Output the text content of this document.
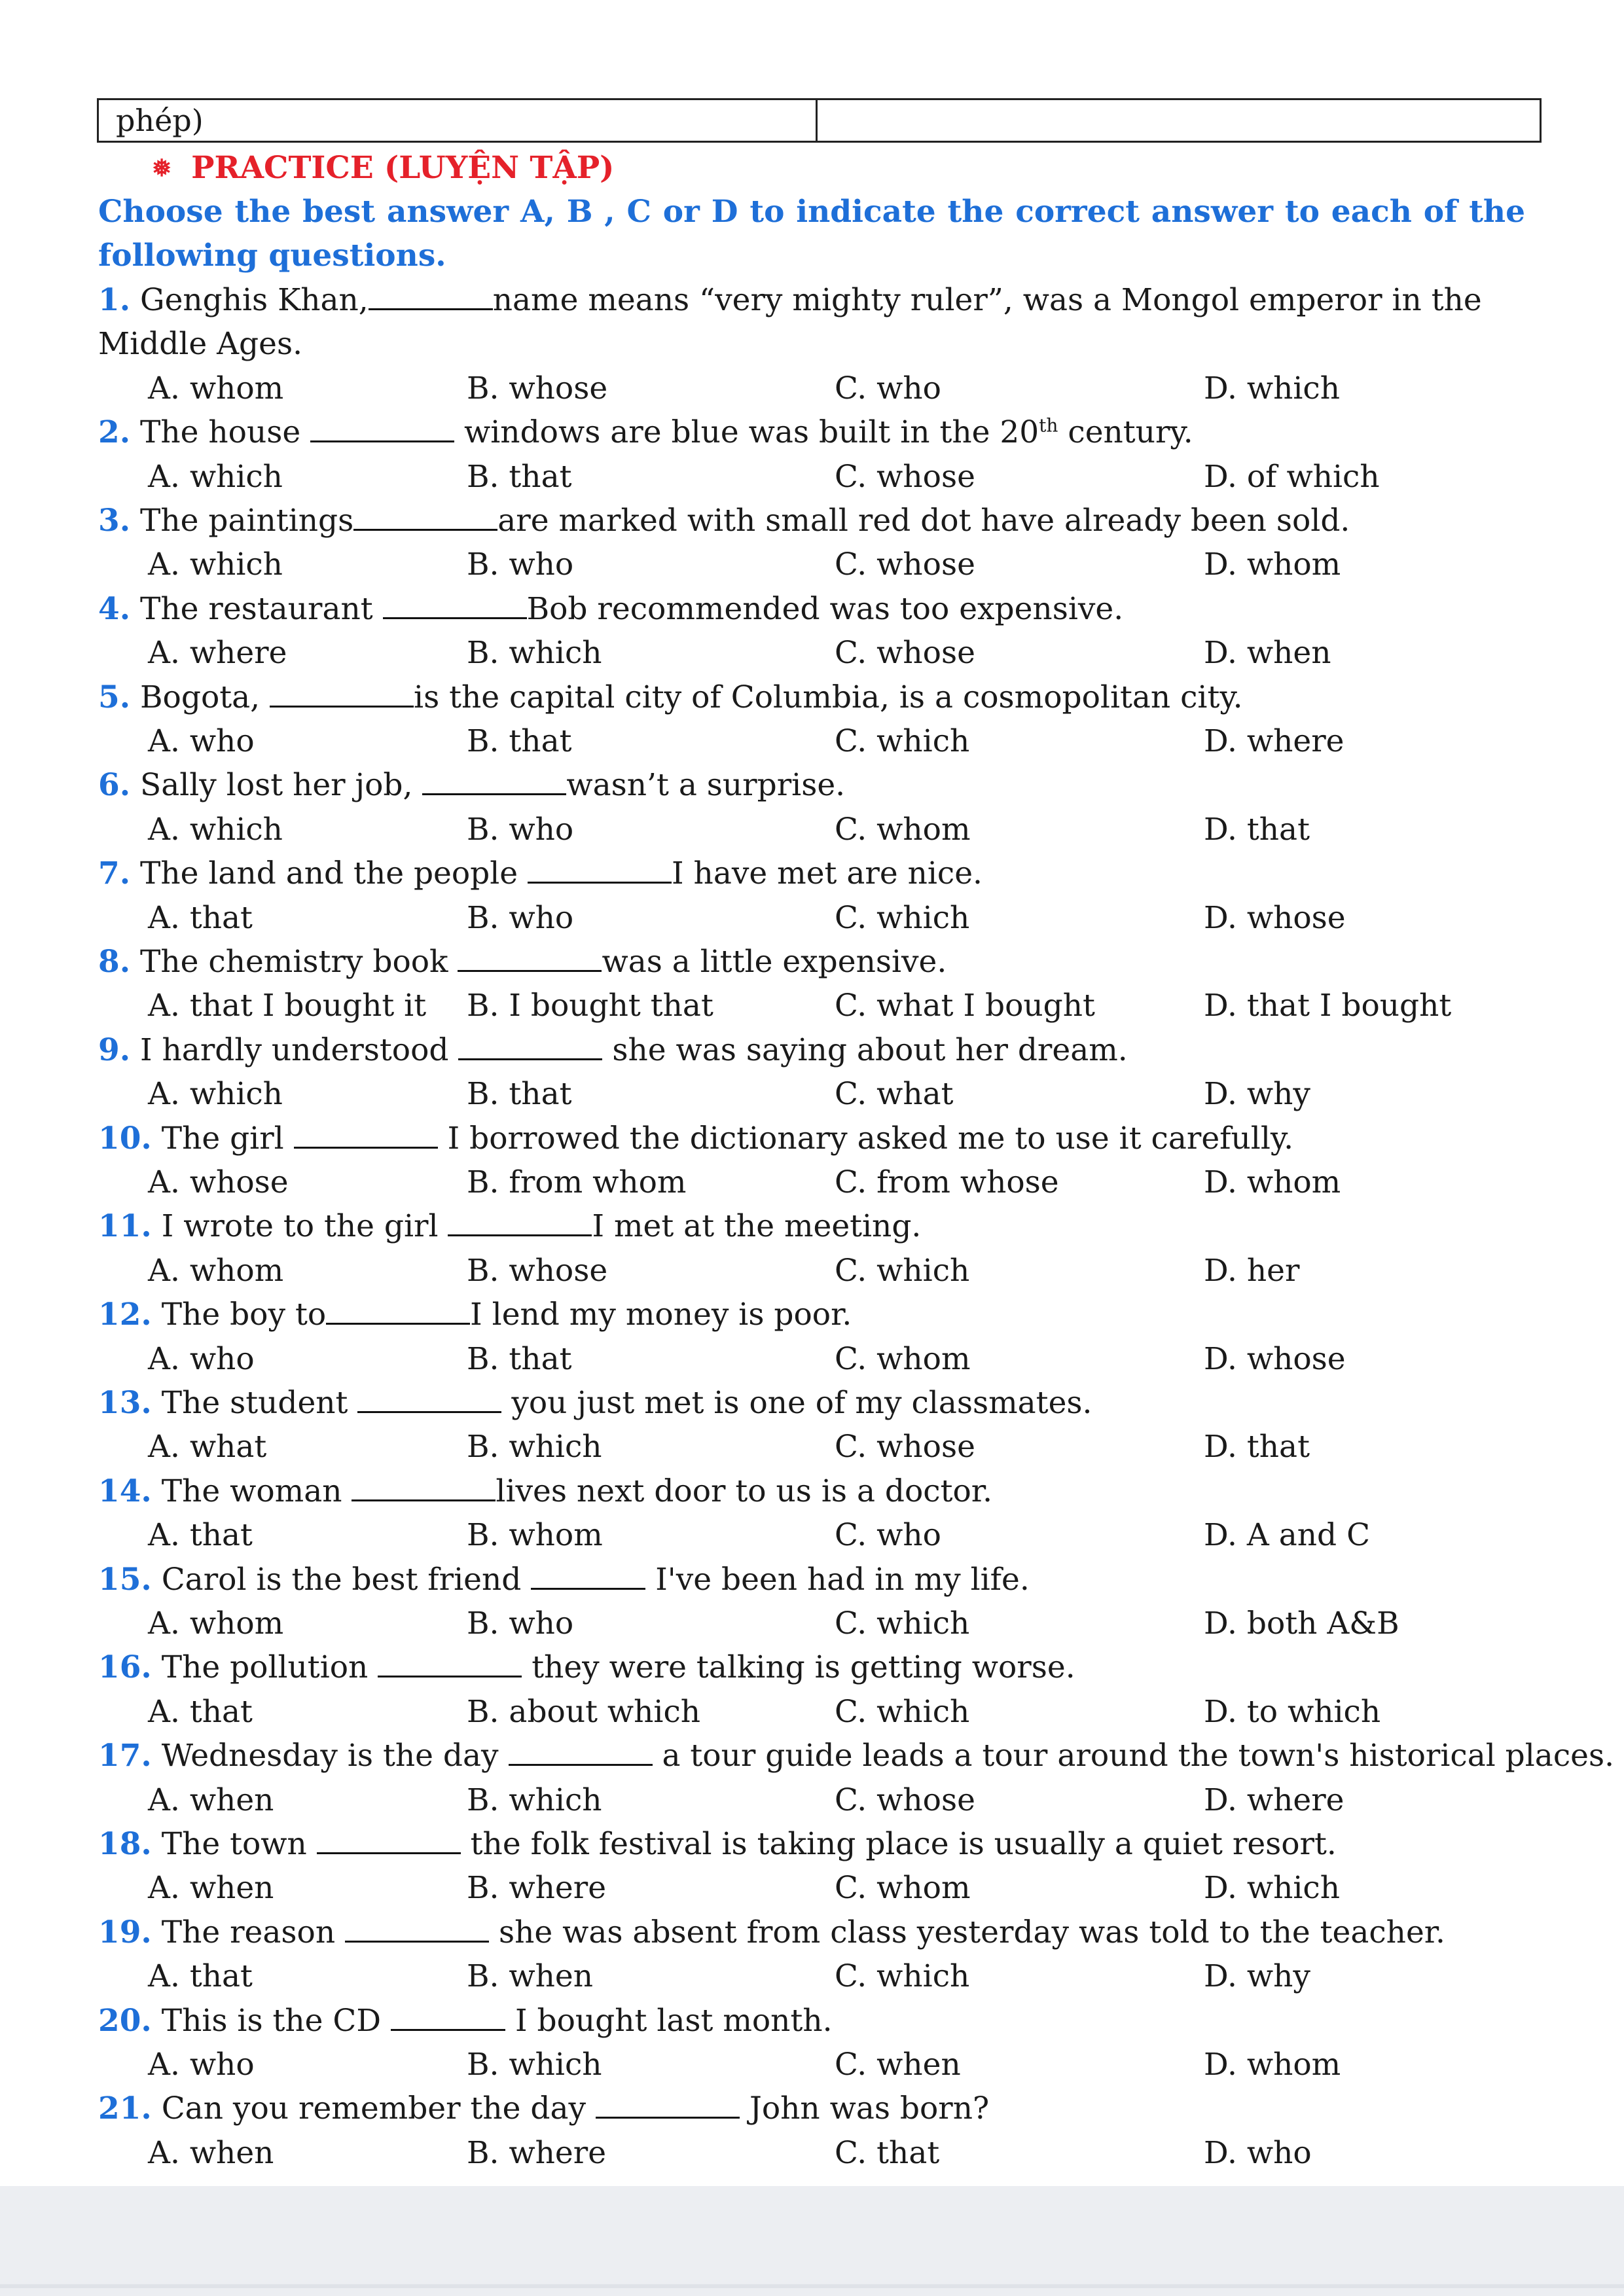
phép)
❅ PRACTICE (LUYỆN TẬP)
Choose the best answer A, B , C or D to indicate the correct answer to each of the following questions.
1. Genghis Khan,	name means “very mighty ruler”, was a Mongol emperor in the Middle Ages.
A. whom	B. whose	C. who	D. which
2. The house	windows are blue was built in the 20th century.
A. which	B. that	C. whose	D. of which
3. The paintings	are marked with small red dot have already been sold.
A. which	B. who	C. whose	D. whom
4. The restaurant	Bob recommended was too expensive.
A. where	B. which	C. whose	D. when
5. Bogota,	is the capital city of Columbia, is a cosmopolitan city.
A. who	B. that	C. which	D. where
6. Sally lost her job,	wasn’t a surprise.
A. which	B. who	C. whom	D. that
7. The land and the people	I have met are nice.
A. that	B. who	C. which	D. whose
8. The chemistry book	was a little expensive.
A. that I bought it B. I bought that	C. what I bought	D. that I bought
9. I hardly understood	she was saying about her dream.
A. which	B. that	C. what	D. why
10. The girl	I borrowed the dictionary asked me to use it carefully.
A. whose	B. from whom	C. from whose	D. whom
11. I wrote to the girl	I met at the meeting.
A. whom	B. whose	C. which	D. her
12. The boy to	I lend my money is poor.
A. who	B. that	C. whom	D. whose
13. The student	you just met is one of my classmates.
A. what	B. which	C. whose	D. that
14. The woman	lives next door to us is a doctor.
A. that	B. whom	C. who	D. A and C
15. Carol is the best friend	I've been had in my life.
A. whom	B. who	C. which	D. both A&B
16. The pollution	they were talking is getting worse.
A. that	B. about which	C. which	D. to which
17. Wednesday is the day	a tour guide leads a tour around the town's historical places.
A. when	B. which	C. whose	D. where
18. The town	the folk festival is taking place is usually a quiet resort.
A. when	B. where	C. whom	D. which
19. The reason	she was absent from class yesterday was told to the teacher.
A. that	B. when	C. which	D. why
20. This is the CD	I bought last month.
A. who	B. which	C. when	D. whom
21. Can you remember the day	John was born?
A. when	B. where	C. that	D. who
